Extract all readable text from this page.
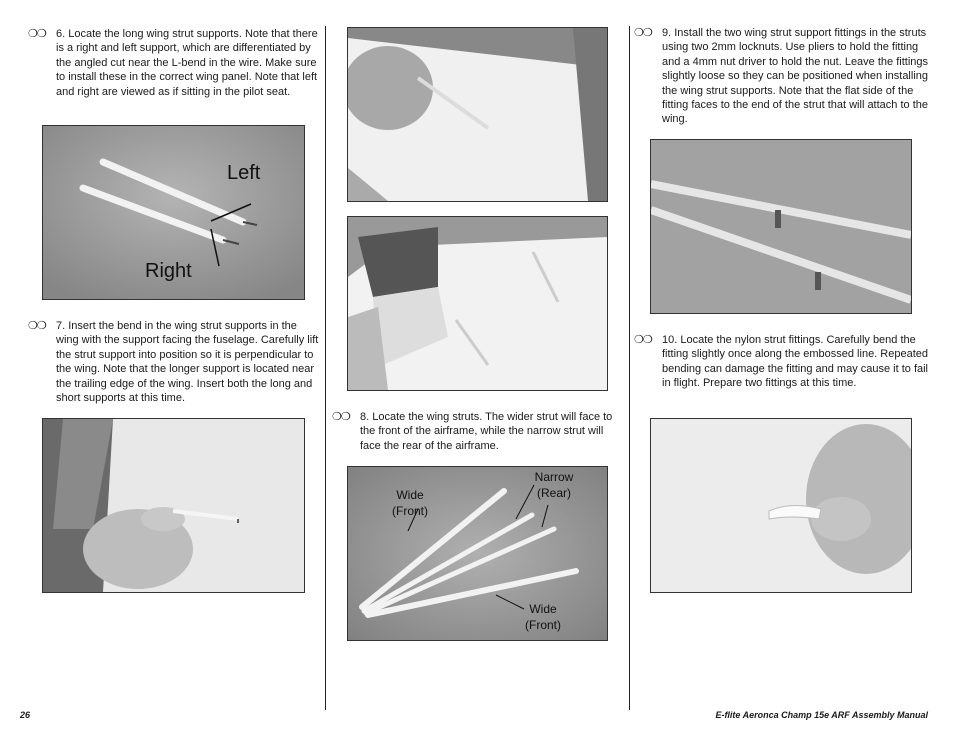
❍❍ 6. Locate the long wing strut supports. Note that there is a right and left support, which are differentiated by the angled cut near the L-bend in the wire. Make sure to install these in the correct wing panel. Note that left and right are viewed as if sitting in the pilot seat.
Left
Right
❍❍ 7. Insert the bend in the wing strut supports in the wing with the support facing the fuselage. Carefully lift the strut support into position so it is perpendicular to the wing. Note that the longer support is located near the trailing edge of the wing. Insert both the long and short supports at this time.
❍❍ 8. Locate the wing struts. The wider strut will face to the front of the airframe, while the narrow strut will face the rear of the airframe.
Wide
(Front)
Narrow
(Rear)
Wide
(Front)
❍❍ 9. Install the two wing strut support fittings in the struts using two 2mm locknuts. Use pliers to hold the fitting and a 4mm nut driver to hold the nut. Leave the fittings slightly loose so they can be positioned when installing the wing strut supports. Note that the flat side of the fitting faces to the end of the strut that will attach to the wing.
❍❍ 10. Locate the nylon strut fittings. Carefully bend the fitting slightly once along the embossed line. Repeated bending can damage the fitting and may cause it to fail in flight. Prepare two fittings at this time.
26	E-flite Aeronca Champ 15e ARF Assembly Manual
